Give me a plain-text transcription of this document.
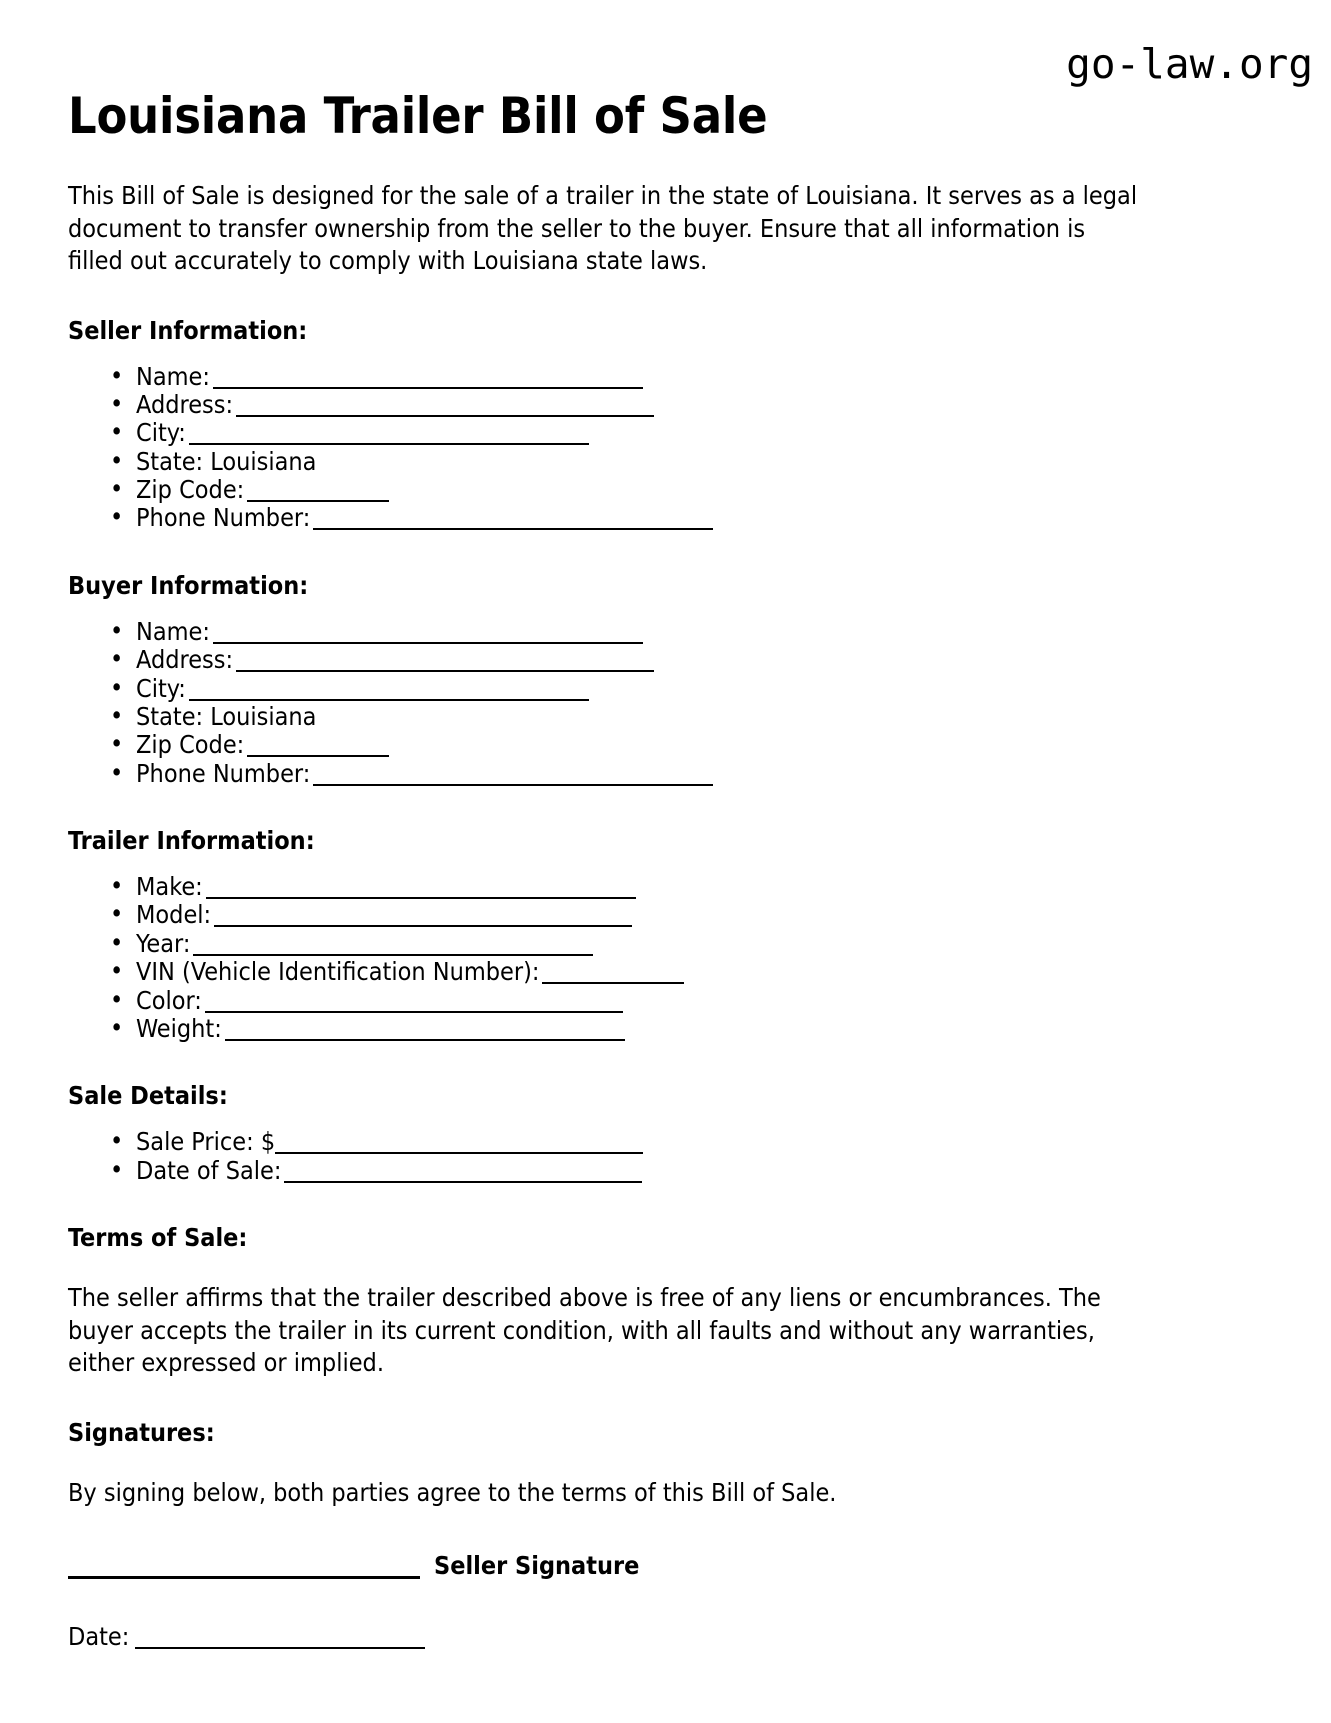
go-law.org
Louisiana Trailer Bill of Sale

This Bill of Sale is designed for the sale of a trailer in the state of Louisiana. It serves as a legal document to transfer ownership from the seller to the buyer. Ensure that all information is filled out accurately to comply with Louisiana state laws.

Seller Information:
• Name:
• Address:
• City:
• State: Louisiana
• Zip Code:
• Phone Number:
Buyer Information:
• Name:
• Address:
• City:
• State: Louisiana
• Zip Code:
• Phone Number:
Trailer Information:
• Make:
• Model:
• Year:
• VIN (Vehicle Identification Number):
• Color:
• Weight:
Sale Details:
• Sale Price: $
• Date of Sale:
Terms of Sale:

The seller affirms that the trailer described above is free of any liens or encumbrances. The buyer accepts the trailer in its current condition, with all faults and without any warranties, either expressed or implied.

Signatures:

By signing below, both parties agree to the terms of this Bill of Sale.

Seller Signature
Date:
